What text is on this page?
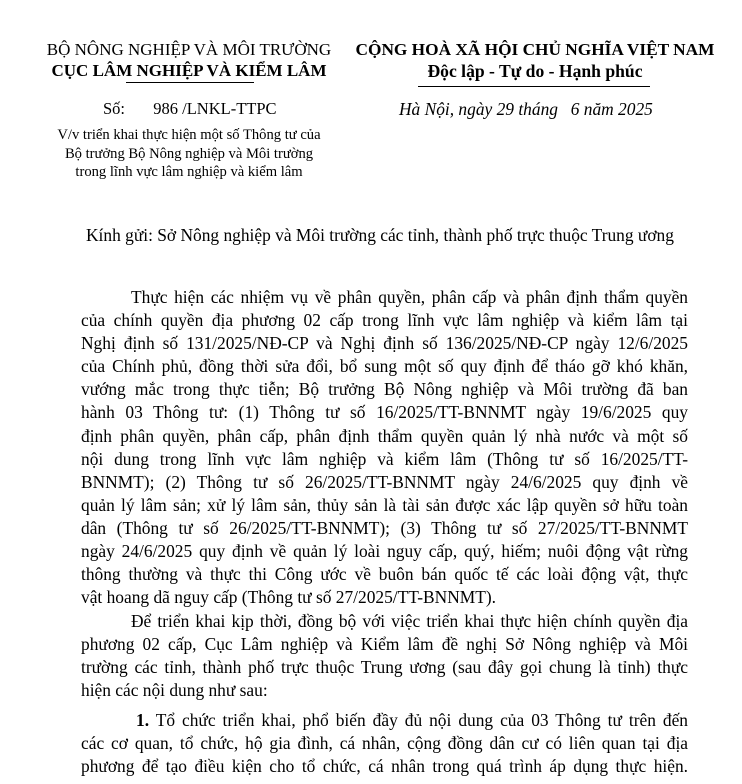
BỘ NÔNG NGHIỆP VÀ MÔI TRƯỜNG
CỤC LÂM NGHIỆP VÀ KIỂM LÂM
Số: 986 /LNKL-TTPC
V/v triển khai thực hiện một số Thông tư của
Bộ trưởng Bộ Nông nghiệp và Môi trường
trong lĩnh vực lâm nghiệp và kiểm lâm
CỘNG HOÀ XÃ HỘI CHỦ NGHĨA VIỆT NAM
Độc lập - Tự do - Hạnh phúc
Hà Nội, ngày 29 tháng 6 năm 2025
Kính gửi: Sở Nông nghiệp và Môi trường các tỉnh, thành phố trực thuộc Trung ương
Thực hiện các nhiệm vụ về phân quyền, phân cấp và phân định thẩm quyền
của chính quyền địa phương 02 cấp trong lĩnh vực lâm nghiệp và kiểm lâm tại
Nghị định số 131/2025/NĐ-CP và Nghị định số 136/2025/NĐ-CP ngày 12/6/2025
của Chính phủ, đồng thời sửa đổi, bổ sung một số quy định để tháo gỡ khó khăn,
vướng mắc trong thực tiễn; Bộ trưởng Bộ Nông nghiệp và Môi trường đã ban
hành 03 Thông tư: (1) Thông tư số 16/2025/TT-BNNMT ngày 19/6/2025 quy
định phân quyền, phân cấp, phân định thẩm quyền quản lý nhà nước và một số
nội dung trong lĩnh vực lâm nghiệp và kiểm lâm (Thông tư số 16/2025/TT-
BNNMT); (2) Thông tư số 26/2025/TT-BNNMT ngày 24/6/2025 quy định về
quản lý lâm sản; xử lý lâm sản, thủy sản là tài sản được xác lập quyền sở hữu toàn
dân (Thông tư số 26/2025/TT-BNNMT); (3) Thông tư số 27/2025/TT-BNNMT
ngày 24/6/2025 quy định về quản lý loài nguy cấp, quý, hiếm; nuôi động vật rừng
thông thường và thực thi Công ước về buôn bán quốc tế các loài động vật, thực
vật hoang dã nguy cấp (Thông tư số 27/2025/TT-BNNMT).
Để triển khai kịp thời, đồng bộ với việc triển khai thực hiện chính quyền địa
phương 02 cấp, Cục Lâm nghiệp và Kiểm lâm đề nghị Sở Nông nghiệp và Môi
trường các tỉnh, thành phố trực thuộc Trung ương (sau đây gọi chung là tỉnh) thực
hiện các nội dung như sau:
1. Tổ chức triển khai, phổ biến đầy đủ nội dung của 03 Thông tư trên đến
các cơ quan, tổ chức, hộ gia đình, cá nhân, cộng đồng dân cư có liên quan tại địa
phương để tạo điều kiện cho tổ chức, cá nhân trong quá trình áp dụng thực hiện.
